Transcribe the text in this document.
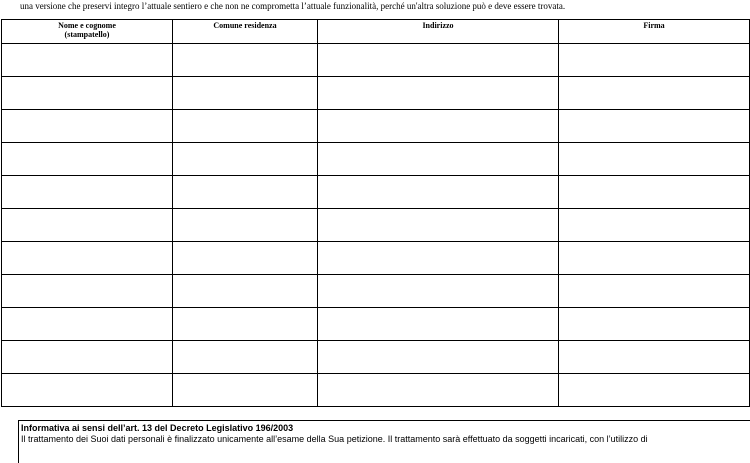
una versione che preservi integro l’attuale sentiero e che non ne comprometta l’attuale funzionalità, perché un'altra soluzione può e deve essere trovata.
Nome e cognome
(stampatello)	Comune residenza	Indirizzo	Firma

Informativa ai sensi dell’art. 13 del Decreto Legislativo 196/2003
Il trattamento dei Suoi dati personali è finalizzato unicamente all’esame della Sua petizione. Il trattamento sarà effettuato da soggetti incaricati, con l’utilizzo di
